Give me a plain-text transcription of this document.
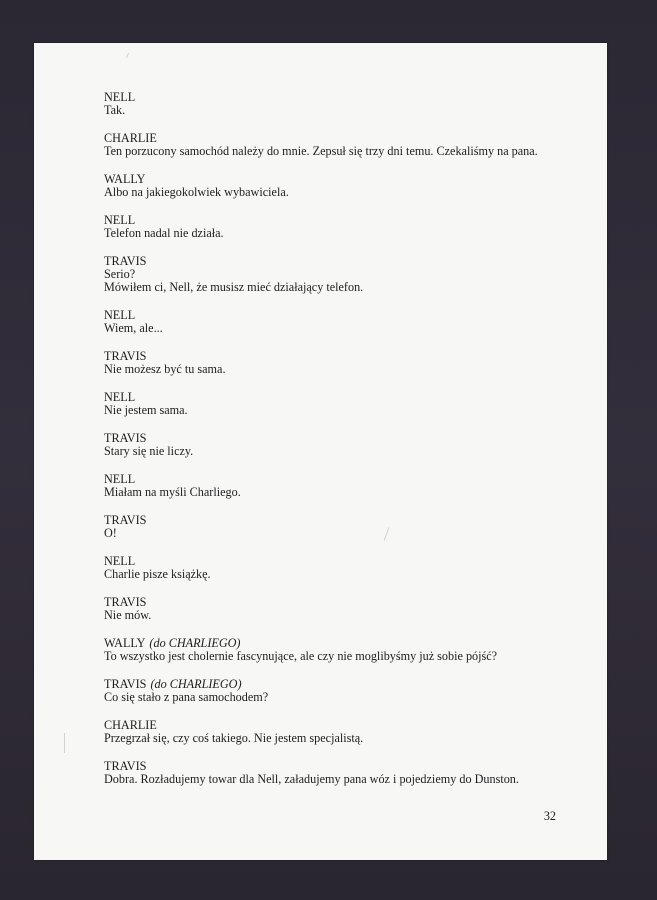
NELL
Tak.
CHARLIE
Ten porzucony samochód należy do mnie. Zepsuł się trzy dni temu. Czekaliśmy na pana.
WALLY
Albo na jakiegokolwiek wybawiciela.
NELL
Telefon nadal nie działa.
TRAVIS
Serio?
Mówiłem ci, Nell, że musisz mieć działający telefon.
NELL
Wiem, ale...
TRAVIS
Nie możesz być tu sama.
NELL
Nie jestem sama.
TRAVIS
Stary się nie liczy.
NELL
Miałam na myśli Charliego.
TRAVIS
O!
NELL
Charlie pisze książkę.
TRAVIS
Nie mów.
WALLY (do CHARLIEGO)
To wszystko jest cholernie fascynujące, ale czy nie moglibyśmy już sobie pójść?
TRAVIS (do CHARLIEGO)
Co się stało z pana samochodem?
CHARLIE
Przegrzał się, czy coś takiego. Nie jestem specjalistą.
TRAVIS
Dobra. Rozładujemy towar dla Nell, załadujemy pana wóz i pojedziemy do Dunston.
32
